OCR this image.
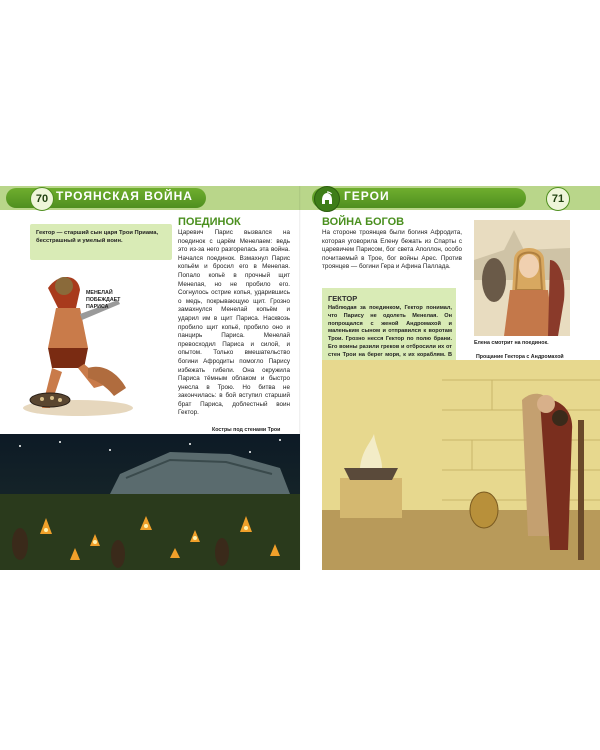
70 ТРОЯНСКАЯ ВОЙНА	ГЕРОИ	71
Гектор — старший сын царя Трои Приама, бесстрашный и умелый воин.
МЕНЕЛАЙ ПОБЕЖДАЕТ ПАРИСА
ПОЕДИНОК
Царевич Парис вызвался на поединок с царём Менелаем: ведь это из-за него разгорелась эта война. Начался поединок. Взмахнул Парис копьём и бросил его в Менелая. Попало копьё в прочный щит Менелая, но не пробило его. Согнулось острие копья, ударившись о медь, покрывающую щит. Грозно замахнулся Менелай копьём и ударил им в щит Париса. Насквозь пробило щит копьё, пробило оно и панцирь Париса. Менелай превосходил Париса и силой, и опытом. Только вмешательство богини Афродиты помогло Парису избежать гибели. Она окружила Париса тёмным облаком и быстро унесла в Трою. Но битва не закончилась: в бой вступил старший брат Париса, доблестный воин Гектор.
Костры под стенами Трои
ВОЙНА БОГОВ
На стороне троянцев были богиня Афродита, которая уговорила Елену бежать из Спарты с царевичем Парисом, бог света Аполлон, особо почитаемый в Трое, бог войны Арес. Против троянцев — богини Гера и Афина Паллада.
ГЕКТОР
Наблюдая за поединком, Гектор понимал, что Парису не одолеть Менелая. Он попрощался с женой Андромахой и маленьким сыном и отправился к воротам Трои. Грозно несся Гектор по полю брани. Его воины разили греков и отбросили их от стен Трои на берег моря, к их кораблям. В
Елена смотрит на поединок.
Прощание Гектора с Андромахой
